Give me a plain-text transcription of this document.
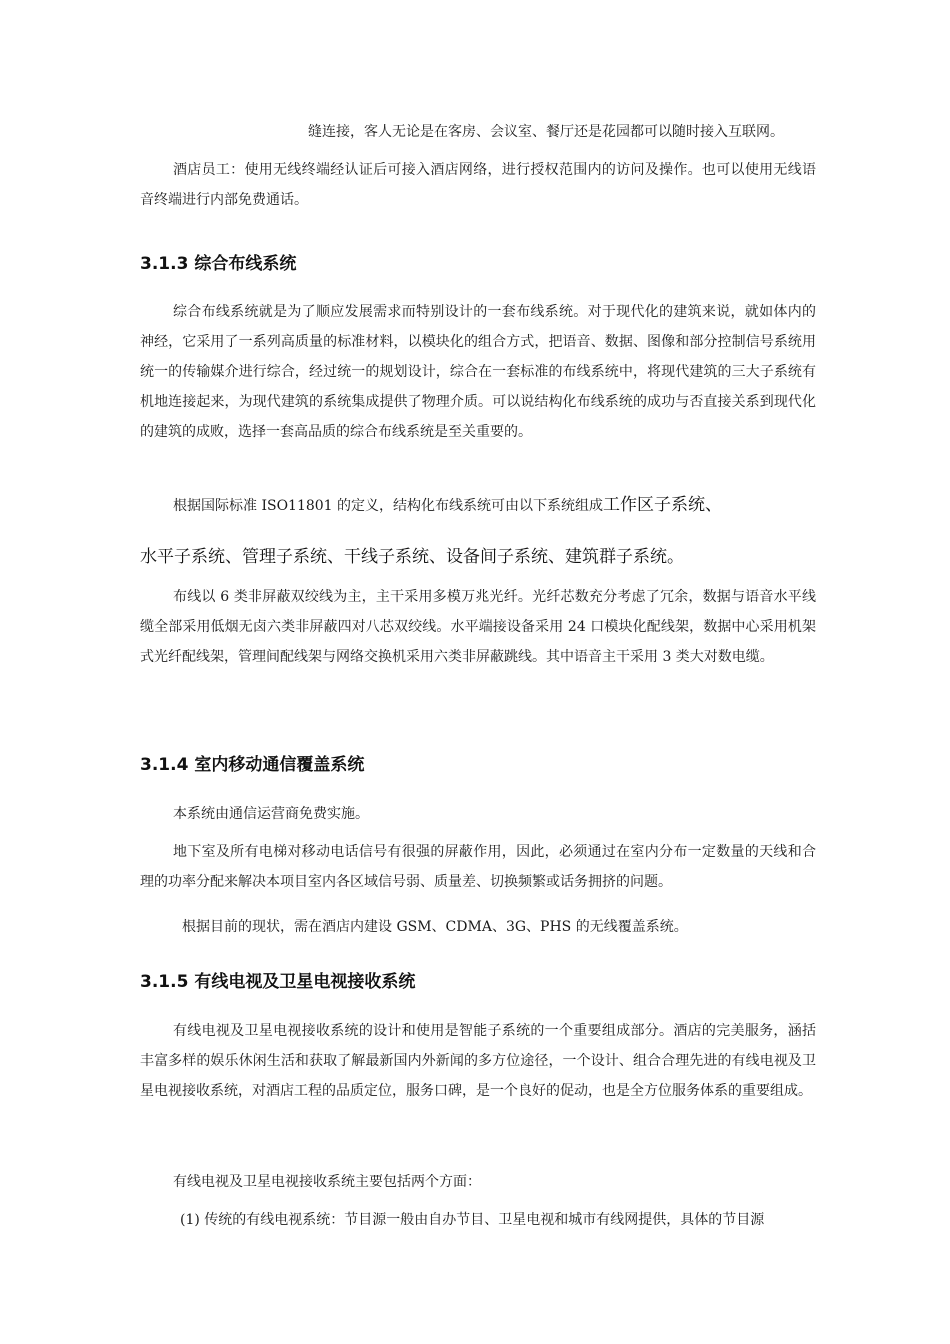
缝连接，客人无论是在客房、会议室、餐厅还是花园都可以随时接入互联网。

酒店员工：使用无线终端经认证后可接入酒店网络，进行授权范围内的访问及操作。也可以使用无线语音终端进行内部免费通话。

3.1.3 综合布线系统

综合布线系统就是为了顺应发展需求而特别设计的一套布线系统。对于现代化的建筑来说，就如体内的神经，它采用了一系列高质量的标准材料，以模块化的组合方式，把语音、数据、图像和部分控制信号系统用统一的传输媒介进行综合，经过统一的规划设计，综合在一套标准的布线系统中，将现代建筑的三大子系统有机地连接起来，为现代建筑的系统集成提供了物理介质。可以说结构化布线系统的成功与否直接关系到现代化的建筑的成败，选择一套高品质的综合布线系统是至关重要的。

根据国际标准 ISO11801 的定义，结构化布线系统可由以下系统组成工作区子系统、

水平子系统、管理子系统、干线子系统、设备间子系统、建筑群子系统。

布线以 6 类非屏蔽双绞线为主，主干采用多模万兆光纤。光纤芯数充分考虑了冗余，数据与语音水平线缆全部采用低烟无卤六类非屏蔽四对八芯双绞线。水平端接设备采用 24 口模块化配线架，数据中心采用机架式光纤配线架，管理间配线架与网络交换机采用六类非屏蔽跳线。其中语音主干采用 3 类大对数电缆。

3.1.4 室内移动通信覆盖系统

本系统由通信运营商免费实施。

地下室及所有电梯对移动电话信号有很强的屏蔽作用，因此，必须通过在室内分布一定数量的天线和合理的功率分配来解决本项目室内各区域信号弱、质量差、切换频繁或话务拥挤的问题。

根据目前的现状，需在酒店内建设 GSM、CDMA、3G、PHS 的无线覆盖系统。

3.1.5 有线电视及卫星电视接收系统

有线电视及卫星电视接收系统的设计和使用是智能子系统的一个重要组成部分。酒店的完美服务，涵括丰富多样的娱乐休闲生活和获取了解最新国内外新闻的多方位途径，一个设计、组合合理先进的有线电视及卫星电视接收系统，对酒店工程的品质定位，服务口碑，是一个良好的促动，也是全方位服务体系的重要组成。

有线电视及卫星电视接收系统主要包括两个方面：

(1) 传统的有线电视系统：节目源一般由自办节目、卫星电视和城市有线网提供，具体的节目源
